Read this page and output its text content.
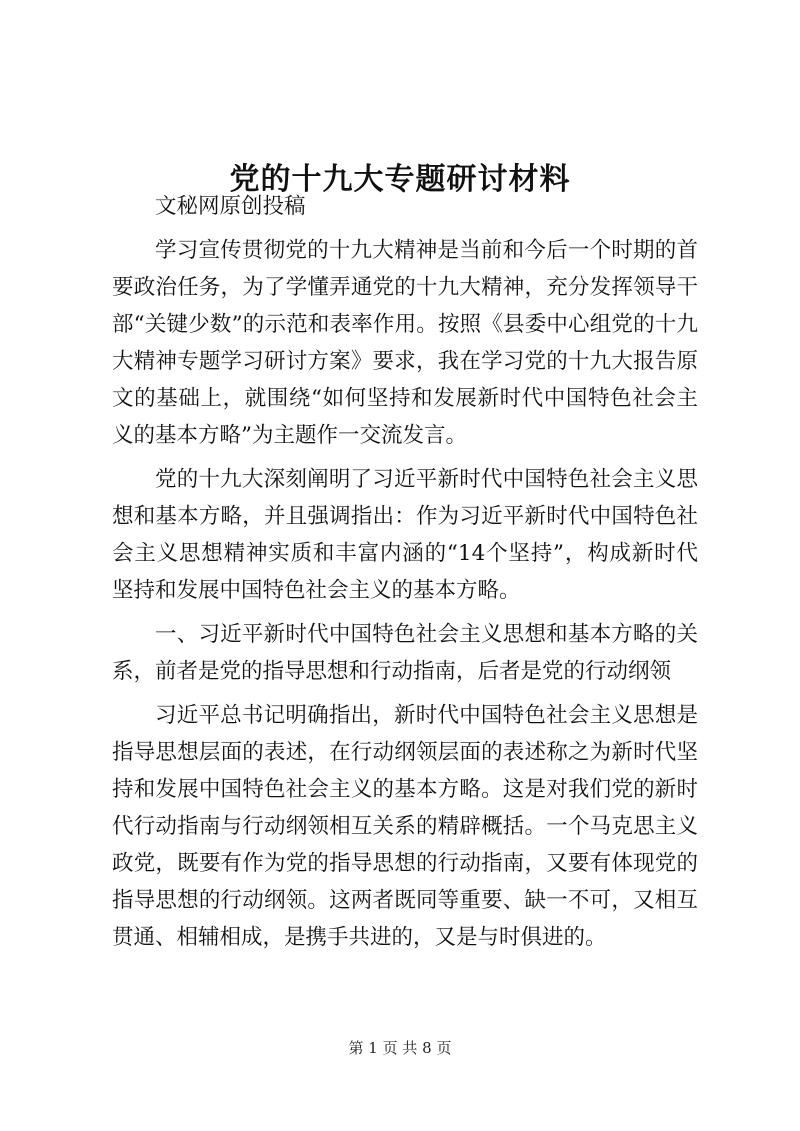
党的十九大专题研讨材料

文秘网原创投稿

学习宣传贯彻党的十九大精神是当前和今后一个时期的首要政治任务，为了学懂弄通党的十九大精神，充分发挥领导干部“关键少数”的示范和表率作用。按照《县委中心组党的十九大精神专题学习研讨方案》要求，我在学习党的十九大报告原文的基础上，就围绕“如何坚持和发展新时代中国特色社会主义的基本方略”为主题作一交流发言。

党的十九大深刻阐明了习近平新时代中国特色社会主义思想和基本方略，并且强调指出：作为习近平新时代中国特色社会主义思想精神实质和丰富内涵的“14个坚持”，构成新时代坚持和发展中国特色社会主义的基本方略。

一、习近平新时代中国特色社会主义思想和基本方略的关系，前者是党的指导思想和行动指南，后者是党的行动纲领

习近平总书记明确指出，新时代中国特色社会主义思想是指导思想层面的表述，在行动纲领层面的表述称之为新时代坚持和发展中国特色社会主义的基本方略。这是对我们党的新时代行动指南与行动纲领相互关系的精辟概括。一个马克思主义政党，既要有作为党的指导思想的行动指南，又要有体现党的指导思想的行动纲领。这两者既同等重要、缺一不可，又相互贯通、相辅相成，是携手共进的，又是与时俱进的。

第 1 页 共 8 页
